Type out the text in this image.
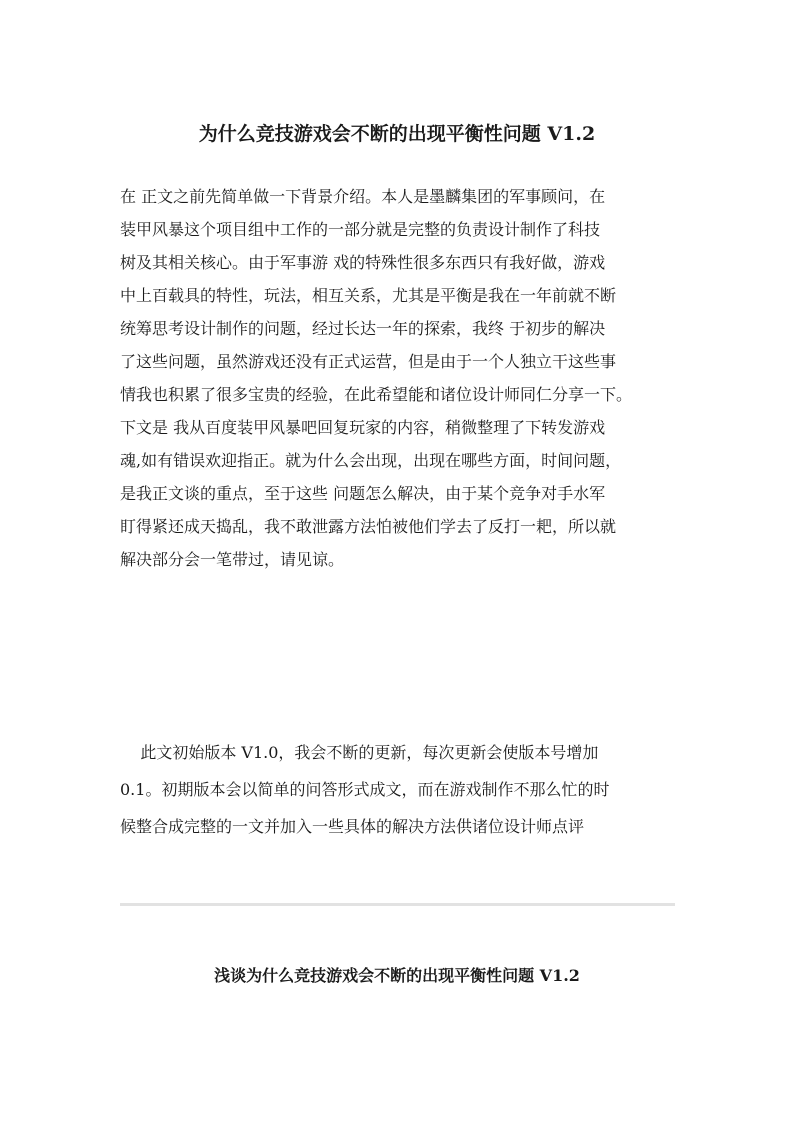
为什么竞技游戏会不断的出现平衡性问题 V1.2
在 正文之前先简单做一下背景介绍。本人是墨麟集团的军事顾问，在
装甲风暴这个项目组中工作的一部分就是完整的负责设计制作了科技
树及其相关核心。由于军事游 戏的特殊性很多东西只有我好做，游戏
中上百载具的特性，玩法，相互关系，尤其是平衡是我在一年前就不断
统筹思考设计制作的问题，经过长达一年的探索，我终 于初步的解决
了这些问题，虽然游戏还没有正式运营，但是由于一个人独立干这些事
情我也积累了很多宝贵的经验，在此希望能和诸位设计师同仁分享一下。
下文是 我从百度装甲风暴吧回复玩家的内容，稍微整理了下转发游戏
魂,如有错误欢迎指正。就为什么会出现，出现在哪些方面，时间问题，
是我正文谈的重点，至于这些 问题怎么解决，由于某个竞争对手水军
盯得紧还成天捣乱，我不敢泄露方法怕被他们学去了反打一耙，所以就
解决部分会一笔带过，请见谅。
此文初始版本 V1.0，我会不断的更新，每次更新会使版本号增加
0.1。初期版本会以简单的问答形式成文，而在游戏制作不那么忙的时
候整合成完整的一文并加入一些具体的解决方法供诸位设计师点评
浅谈为什么竞技游戏会不断的出现平衡性问题 V1.2
